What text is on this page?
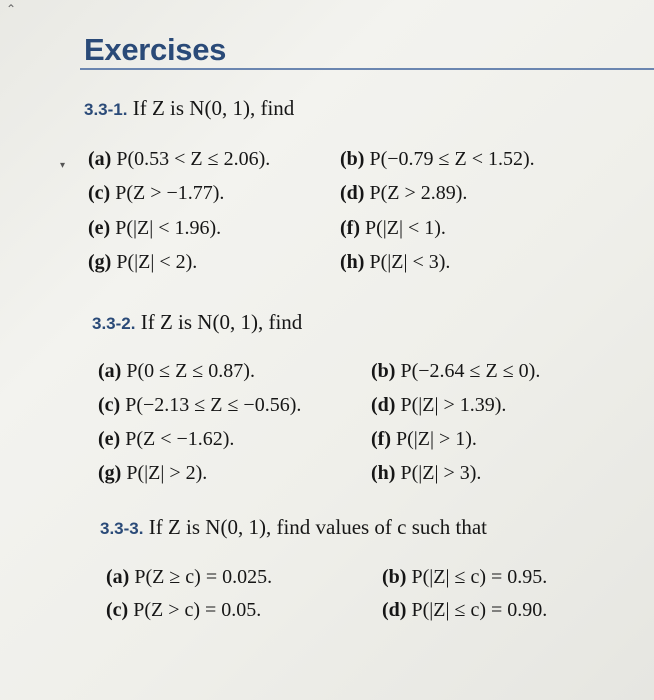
⌃
Exercises
3.3-1. If Z is N(0, 1), find
▾ (a) P(0.53 < Z ≤ 2.06).	(b) P(−0.79 ≤ Z < 1.52).
(c) P(Z > −1.77).	(d) P(Z > 2.89).
(e) P(|Z| < 1.96).	(f) P(|Z| < 1).
(g) P(|Z| < 2).	(h) P(|Z| < 3).
3.3-2. If Z is N(0, 1), find
(a) P(0 ≤ Z ≤ 0.87).	(b) P(−2.64 ≤ Z ≤ 0).
(c) P(−2.13 ≤ Z ≤ −0.56).	(d) P(|Z| > 1.39).
(e) P(Z < −1.62).	(f) P(|Z| > 1).
(g) P(|Z| > 2).	(h) P(|Z| > 3).
3.3-3. If Z is N(0, 1), find values of c such that
(a) P(Z ≥ c) = 0.025.	(b) P(|Z| ≤ c) = 0.95.
(c) P(Z > c) = 0.05.	(d) P(|Z| ≤ c) = 0.90.
